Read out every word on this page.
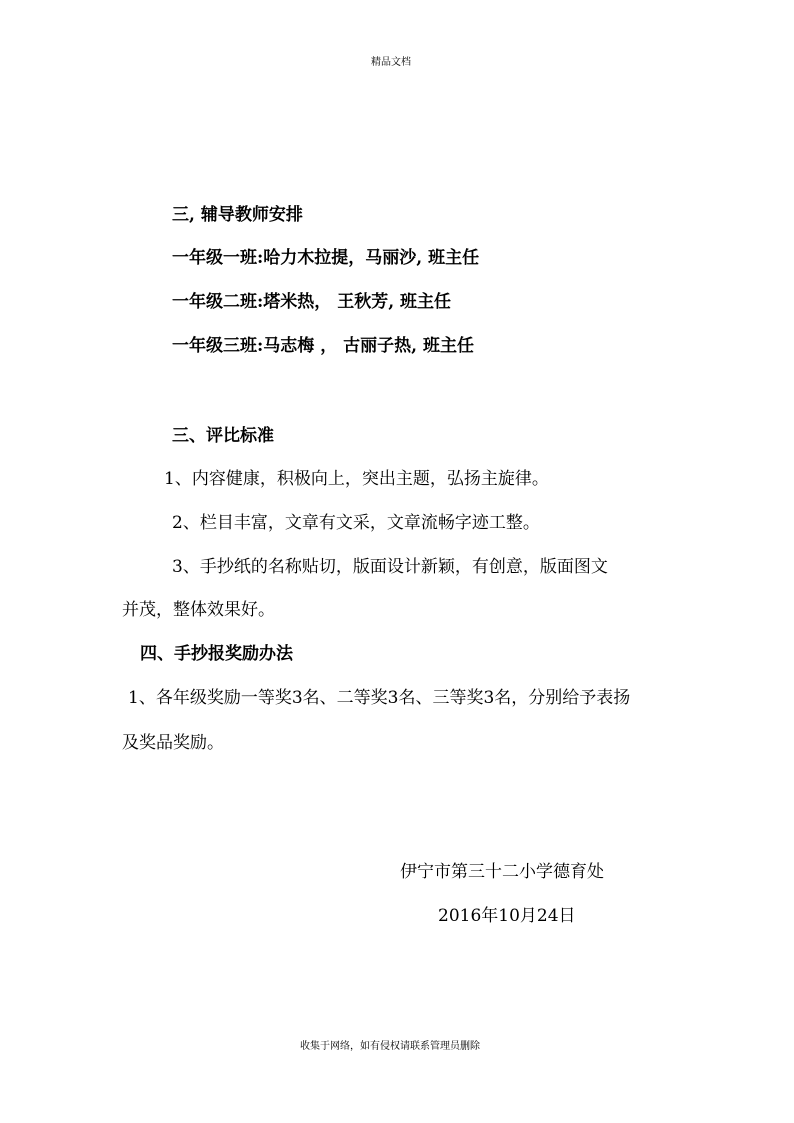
精品文档
三, 辅导教师安排
一年级一班:哈力木拉提，马丽沙, 班主任
一年级二班:塔米热， 王秋芳, 班主任
一年级三班:马志梅 ， 古丽子热, 班主任
三、评比标准
1、内容健康，积极向上，突出主题，弘扬主旋律。
2、栏目丰富，文章有文采，文章流畅字迹工整。
3、手抄纸的名称贴切，版面设计新颖，有创意，版面图文
并茂，整体效果好。
四、手抄报奖励办法
1、各年级奖励一等奖3名、二等奖3名、三等奖3名，分别给予表扬
及奖品奖励。
伊宁市第三十二小学德育处
2016年10月24日
收集于网络，如有侵权请联系管理员删除
